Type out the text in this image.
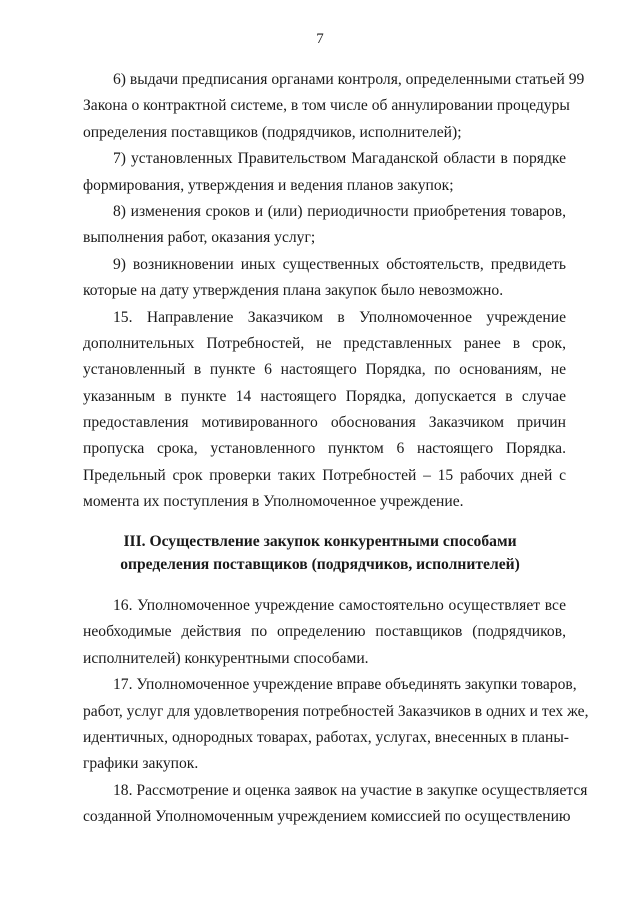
7
6) выдачи предписания органами контроля, определенными статьей 99
Закона о контрактной системе, в том числе об аннулировании процедуры
определения поставщиков (подрядчиков, исполнителей);
7) установленных Правительством Магаданской области в порядке
формирования, утверждения и ведения планов закупок;
8) изменения сроков и (или) периодичности приобретения товаров,
выполнения работ, оказания услуг;
9) возникновении иных существенных обстоятельств, предвидеть
которые на дату утверждения плана закупок было невозможно.
15. Направление Заказчиком в Уполномоченное учреждение
дополнительных Потребностей, не представленных ранее в срок,
установленный в пункте 6 настоящего Порядка, по основаниям, не
указанным в пункте 14 настоящего Порядка, допускается в случае
предоставления мотивированного обоснования Заказчиком причин
пропуска срока, установленного пунктом 6 настоящего Порядка.
Предельный срок проверки таких Потребностей – 15 рабочих дней с
момента их поступления в Уполномоченное учреждение.
III. Осуществление закупок конкурентными способами
определения поставщиков (подрядчиков, исполнителей)
16. Уполномоченное учреждение самостоятельно осуществляет все
необходимые действия по определению поставщиков (подрядчиков,
исполнителей) конкурентными способами.
17. Уполномоченное учреждение вправе объединять закупки товаров,
работ, услуг для удовлетворения потребностей Заказчиков в одних и тех же,
идентичных, однородных товарах, работах, услугах, внесенных в планы-
графики закупок.
18. Рассмотрение и оценка заявок на участие в закупке осуществляется
созданной Уполномоченным учреждением комиссией по осуществлению
